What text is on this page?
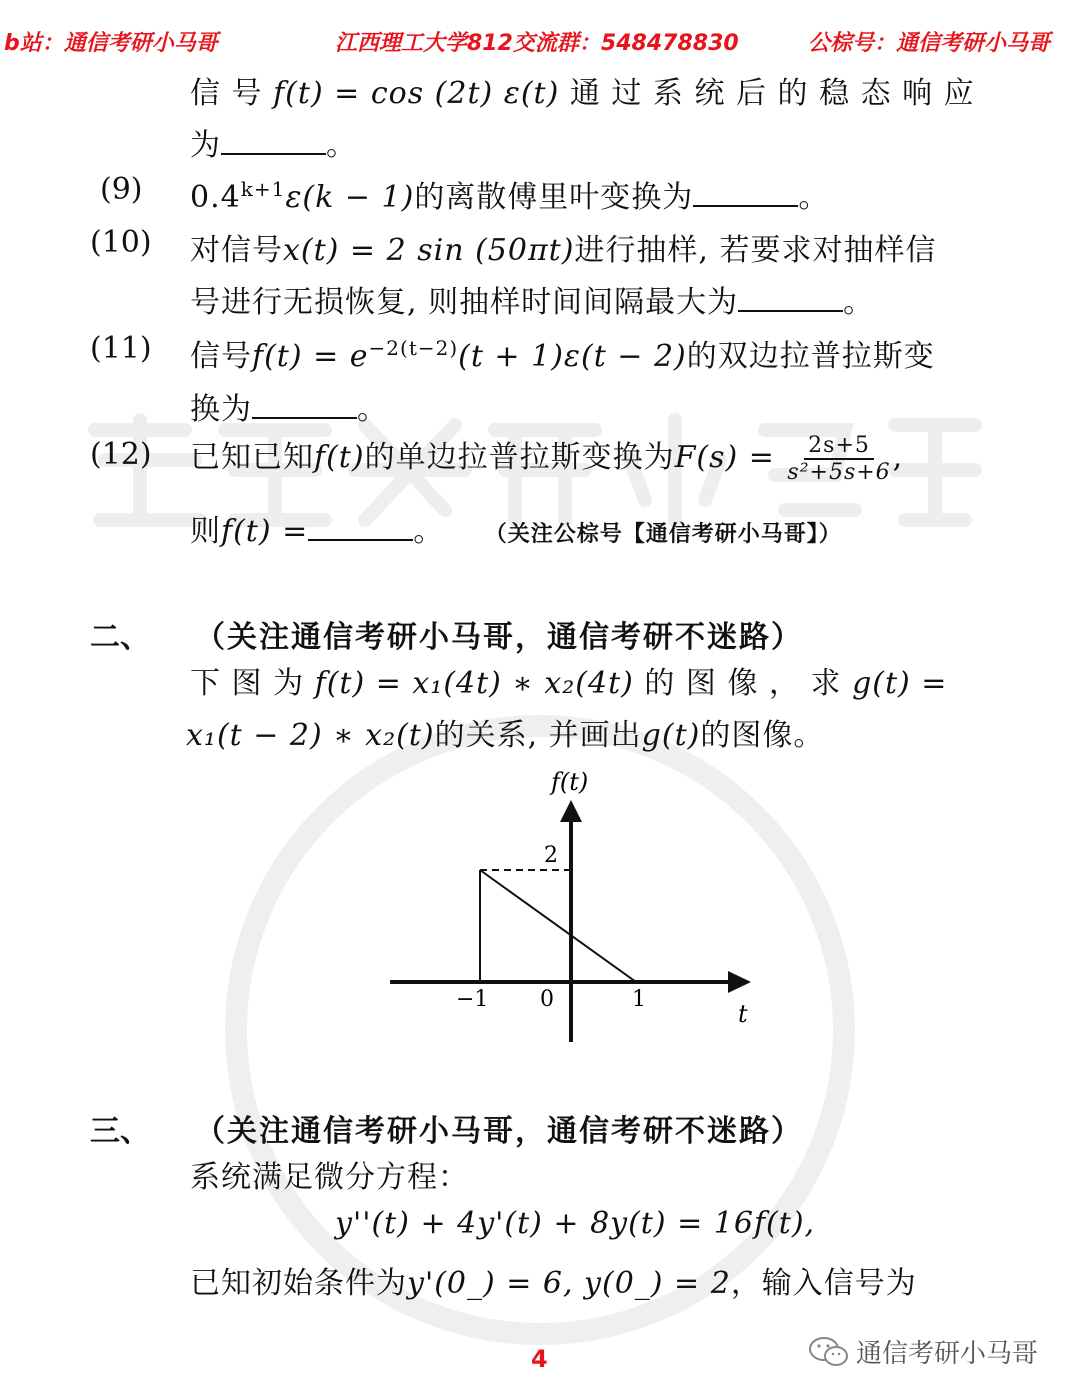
b站：通信考研小马哥	江西理工大学812交流群：548478830	公棕号：通信考研小马哥
信 号 f(t) = cos (2t) ε(t) 通 过 系 统 后 的 稳 态 响 应
为	。
(9) $0.4^{k+1}\varepsilon(k - 1)$的离散傅里叶变换为	。
(10) 对信号x(t) = 2 sin (50πt)进行抽样, 若要求对抽样信
号进行无损恢复, 则抽样时间间隔最大为	。
(11) 信号$f(t) = e^{-2(t-2)}(t + 1)\varepsilon(t - 2)$的双边拉普拉斯变
换为	。
(12) 已知已知f(t)的单边拉普拉斯变换为$F(s) = \frac{2s+5}{\text{s²+5s+6}}$ ,
则f(t) =	。 （关注公棕号【通信考研小马哥】）
二、 （关注通信考研小马哥，通信考研不迷路）
下 图 为 f(t) = x₁(4t) ∗ x₂(4t) 的 图 像 ， 求 g(t) =
x₁(t − 2) ∗ x₂(t)的关系, 并画出g(t)的图像。
f(t)
t
2
−1 0	1
三、 （关注通信考研小马哥，通信考研不迷路）
系统满足微分方程：
y''(t) + 4y'(t) + 8y(t) = 16f(t),
已知初始条件为y'(0_) = 6, y(0_) = 2，输入信号为
4	通信考研小马哥
